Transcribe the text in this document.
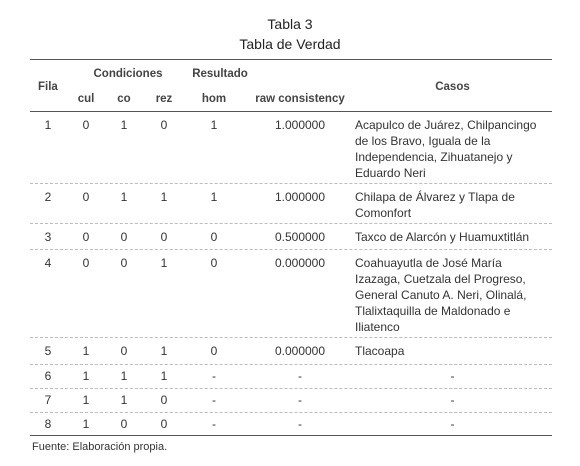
Tabla 3
Tabla de Verdad
Fila
Condiciones	Resultado
Casos
cul	co	rez	hom	raw consistency
1	0	1	0	1	1.000000	Acapulco de Juárez, Chilpancingo de los Bravo, Iguala de la Independencia, Zihuatanejo y Eduardo Neri
2	0	1	1	1	1.000000	Chilapa de Álvarez y Tlapa de Comonfort
3	0	0	0	0	0.500000	Taxco de Alarcón y Huamuxtitlán
4	0	0	1	0	0.000000	Coahuayutla de José María Izazaga, Cuetzala del Progreso, General Canuto A. Neri, Olinalá, Tlalixtaquilla de Maldonado e Iliatenco
5	1	0	1	0	0.000000	Tlacoapa
6	1	1	1	-	-	-
7	1	1	0	-	-	-
8	1	0	0	-	-	-
Fuente: Elaboración propia.
